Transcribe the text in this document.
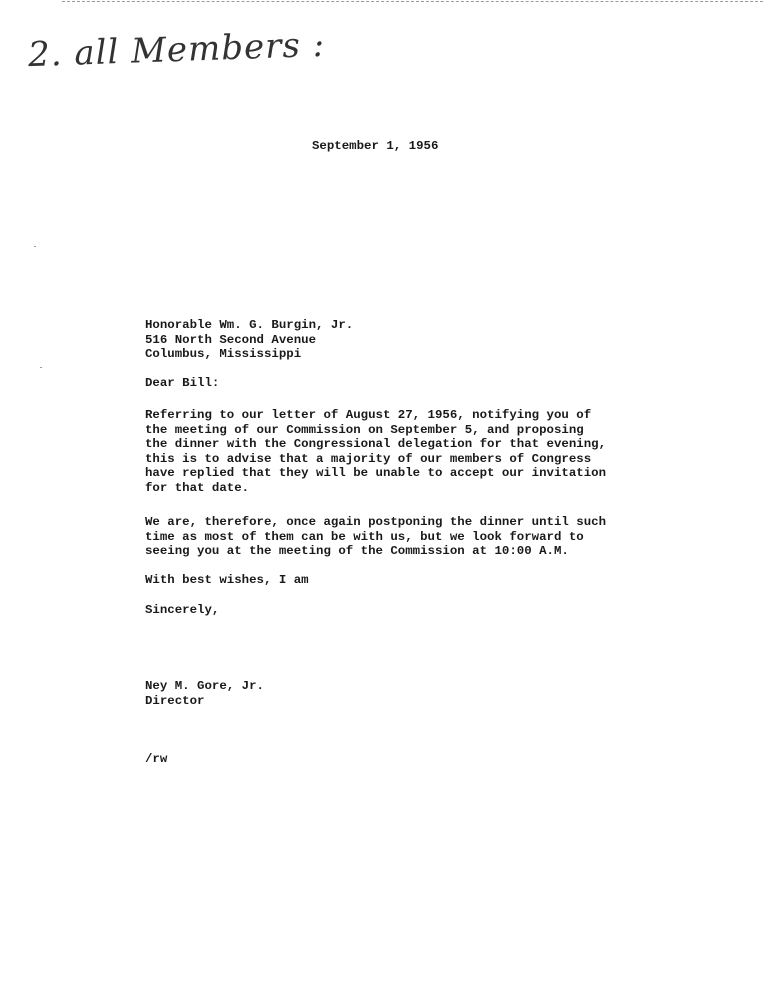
2. all Members :
September 1, 1956
Honorable Wm. G. Burgin, Jr.
516 North Second Avenue
Columbus, Mississippi
Dear Bill:
Referring to our letter of August 27, 1956, notifying you of
the meeting of our Commission on September 5, and proposing
the dinner with the Congressional delegation for that evening,
this is to advise that a majority of our members of Congress
have replied that they will be unable to accept our invitation
for that date.
We are, therefore, once again postponing the dinner until such
time as most of them can be with us, but we look forward to
seeing you at the meeting of the Commission at 10:00 A.M.
With best wishes, I am
Sincerely,
Ney M. Gore, Jr.
Director
/rw
